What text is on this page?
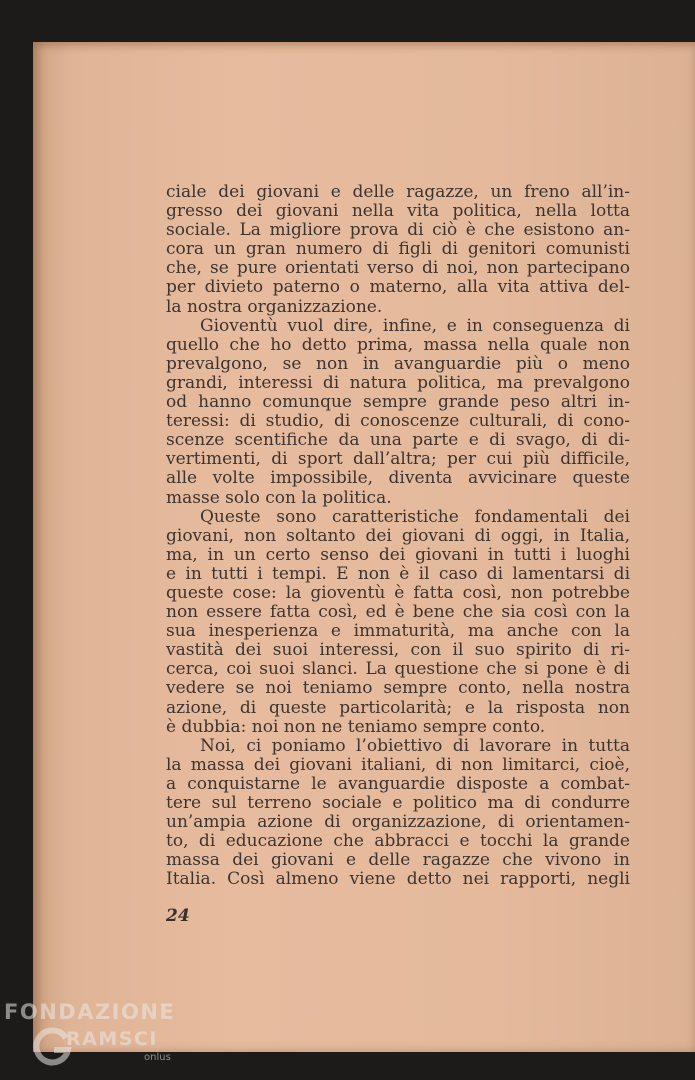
ciale dei giovani e delle ragazze, un freno all’in-
gresso dei giovani nella vita politica, nella lotta
sociale. La migliore prova di ciò è che esistono an-
cora un gran numero di figli di genitori comunisti
che, se pure orientati verso di noi, non partecipano
per divieto paterno o materno, alla vita attiva del-
la nostra organizzazione.
Gioventù vuol dire, infine, e in conseguenza di
quello che ho detto prima, massa nella quale non
prevalgono, se non in avanguardie più o meno
grandi, interessi di natura politica, ma prevalgono
od hanno comunque sempre grande peso altri in-
teressi: di studio, di conoscenze culturali, di cono-
scenze scentifiche da una parte e di svago, di di-
vertimenti, di sport dall’altra; per cui più difficile,
alle volte impossibile, diventa avvicinare queste
masse solo con la politica.
Queste sono caratteristiche fondamentali dei
giovani, non soltanto dei giovani di oggi, in Italia,
ma, in un certo senso dei giovani in tutti i luoghi
e in tutti i tempi. E non è il caso di lamentarsi di
queste cose: la gioventù è fatta così, non potrebbe
non essere fatta così, ed è bene che sia così con la
sua inesperienza e immaturità, ma anche con la
vastità dei suoi interessi, con il suo spirito di ri-
cerca, coi suoi slanci. La questione che si pone è di
vedere se noi teniamo sempre conto, nella nostra
azione, di queste particolarità; e la risposta non
è dubbia: noi non ne teniamo sempre conto.
Noi, ci poniamo l’obiettivo di lavorare in tutta
la massa dei giovani italiani, di non limitarci, cioè,
a conquistarne le avanguardie disposte a combat-
tere sul terreno sociale e politico ma di condurre
un’ampia azione di organizzazione, di orientamen-
to, di educazione che abbracci e tocchi la grande
massa dei giovani e delle ragazze che vivono in
Italia. Così almeno viene detto nei rapporti, negli
24
FONDAZIONE
RAMSCI
onlus
